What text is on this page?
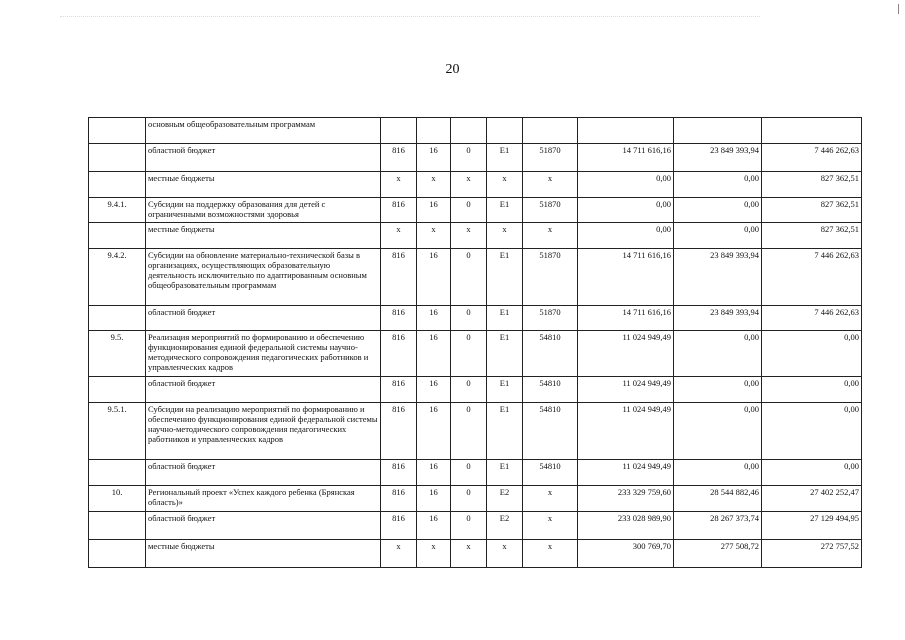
20
	основным общеобразовательным программам								
	областной бюджет	816	16	0	E1	51870	14 711 616,16	23 849 393,94	7 446 262,63
	местные бюджеты	x	x	x	x	x	0,00	0,00	827 362,51
9.4.1.	Субсидии на поддержку образования для детей с ограниченными возможностями здоровья	816	16	0	E1	51870	0,00	0,00	827 362,51
	местные бюджеты	x	x	x	x	x	0,00	0,00	827 362,51
9.4.2.	Субсидии на обновление материально-технической базы в организациях, осуществляющих образовательную деятельность исключительно по адаптированным основным общеобразовательным программам	816	16	0	E1	51870	14 711 616,16	23 849 393,94	7 446 262,63
	областной бюджет	816	16	0	E1	51870	14 711 616,16	23 849 393,94	7 446 262,63
9.5.	Реализация мероприятий по формированию и обеспечению функционирования единой федеральной системы научно-методического сопровождения педагогических работников и управленческих кадров	816	16	0	E1	54810	11 024 949,49	0,00	0,00
	областной бюджет	816	16	0	E1	54810	11 024 949,49	0,00	0,00
9.5.1.	Субсидии на реализацию мероприятий по формированию и обеспечению функционирования единой федеральной системы научно-методического сопровождения педагогических работников и управленческих кадров	816	16	0	E1	54810	11 024 949,49	0,00	0,00
	областной бюджет	816	16	0	E1	54810	11 024 949,49	0,00	0,00
10.	Региональный проект «Успех каждого ребенка (Брянская область)»	816	16	0	E2	x	233 329 759,60	28 544 882,46	27 402 252,47
	областной бюджет	816	16	0	E2	x	233 028 989,90	28 267 373,74	27 129 494,95
	местные бюджеты	x	x	x	x	x	300 769,70	277 508,72	272 757,52
